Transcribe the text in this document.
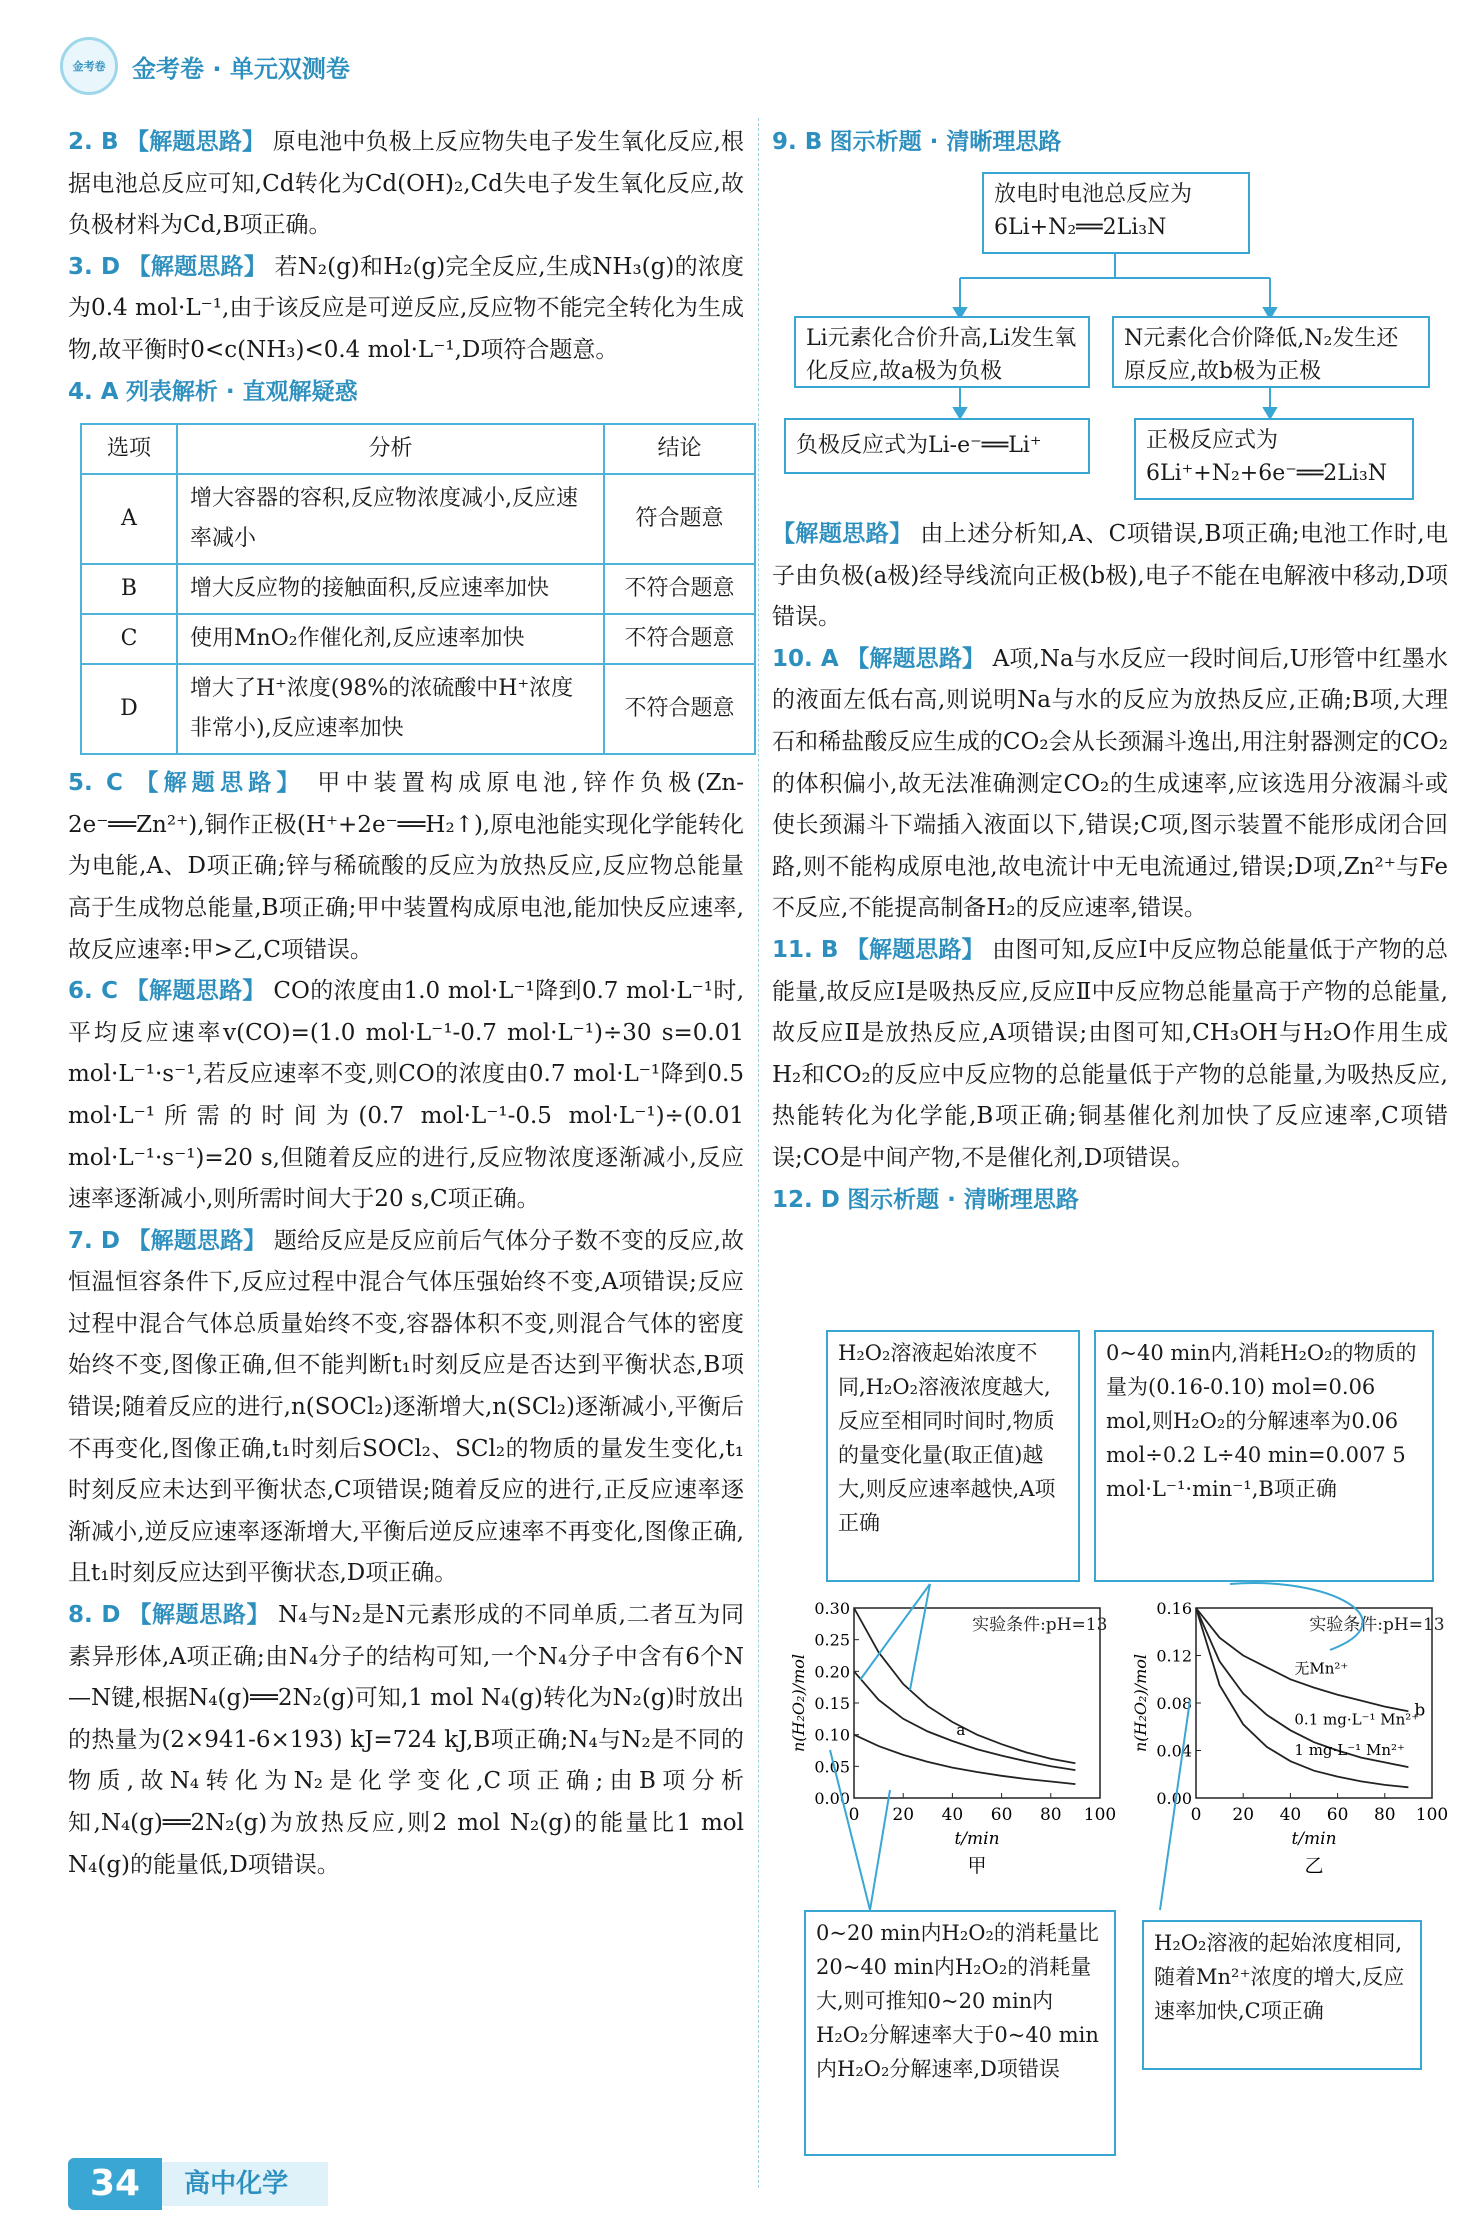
金考卷 金考卷 · 单元双测卷

2. B 【解题思路】 原电池中负极上反应物失电子发生氧化反应,根据电池总反应可知,Cd转化为Cd(OH)₂,Cd失电子发生氧化反应,故负极材料为Cd,B项正确。

3. D 【解题思路】 若N₂(g)和H₂(g)完全反应,生成NH₃(g)的浓度为0.4 mol·L⁻¹,由于该反应是可逆反应,反应物不能完全转化为生成物,故平衡时0<c(NH₃)<0.4 mol·L⁻¹,D项符合题意。

4. A 列表解析 · 直观解疑惑

选项	分析	结论
A	增大容器的容积,反应物浓度减小,反应速率减小	符合题意
B	增大反应物的接触面积,反应速率加快	不符合题意
C	使用MnO₂作催化剂,反应速率加快	不符合题意
D	增大了H⁺浓度(98%的浓硫酸中H⁺浓度非常小),反应速率加快	不符合题意

5. C 【解题思路】 甲中装置构成原电池,锌作负极(Zn-2e⁻══Zn²⁺),铜作正极(H⁺+2e⁻══H₂↑),原电池能实现化学能转化为电能,A、D项正确;锌与稀硫酸的反应为放热反应,反应物总能量高于生成物总能量,B项正确;甲中装置构成原电池,能加快反应速率,故反应速率:甲>乙,C项错误。

6. C 【解题思路】 CO的浓度由1.0 mol·L⁻¹降到0.7 mol·L⁻¹时,平均反应速率v(CO)=(1.0 mol·L⁻¹-0.7 mol·L⁻¹)÷30 s=0.01 mol·L⁻¹·s⁻¹,若反应速率不变,则CO的浓度由0.7 mol·L⁻¹降到0.5 mol·L⁻¹所需的时间为(0.7 mol·L⁻¹-0.5 mol·L⁻¹)÷(0.01 mol·L⁻¹·s⁻¹)=20 s,但随着反应的进行,反应物浓度逐渐减小,反应速率逐渐减小,则所需时间大于20 s,C项正确。

7. D 【解题思路】 题给反应是反应前后气体分子数不变的反应,故恒温恒容条件下,反应过程中混合气体压强始终不变,A项错误;反应过程中混合气体总质量始终不变,容器体积不变,则混合气体的密度始终不变,图像正确,但不能判断t₁时刻反应是否达到平衡状态,B项错误;随着反应的进行,n(SOCl₂)逐渐增大,n(SCl₂)逐渐减小,平衡后不再变化,图像正确,t₁时刻后SOCl₂、SCl₂的物质的量发生变化,t₁时刻反应未达到平衡状态,C项错误;随着反应的进行,正反应速率逐渐减小,逆反应速率逐渐增大,平衡后逆反应速率不再变化,图像正确,且t₁时刻反应达到平衡状态,D项正确。

8. D 【解题思路】 N₄与N₂是N元素形成的不同单质,二者互为同素异形体,A项正确;由N₄分子的结构可知,一个N₄分子中含有6个N—N键,根据N₄(g)══2N₂(g)可知,1 mol N₄(g)转化为N₂(g)时放出的热量为(2×941-6×193) kJ=724 kJ,B项正确;N₄与N₂是不同的物质,故N₄转化为N₂是化学变化,C项正确;由B项分析知,N₄(g)══2N₂(g)为放热反应,则2 mol N₂(g)的能量比1 mol N₄(g)的能量低,D项错误。

9. B 图示析题 · 清晰理思路

放电时电池总反应为6Li+N₂══2Li₃N
Li元素化合价升高,Li发生氧化反应,故a极为负极
N元素化合价降低,N₂发生还原反应,故b极为正极
负极反应式为Li-e⁻══Li⁺	正极反应式为6Li⁺+N₂+6e⁻══2Li₃N

【解题思路】 由上述分析知,A、C项错误,B项正确;电池工作时,电子由负极(a极)经导线流向正极(b极),电子不能在电解液中移动,D项错误。

10. A 【解题思路】 A项,Na与水反应一段时间后,U形管中红墨水的液面左低右高,则说明Na与水的反应为放热反应,正确;B项,大理石和稀盐酸反应生成的CO₂会从长颈漏斗逸出,用注射器测定的CO₂的体积偏小,故无法准确测定CO₂的生成速率,应该选用分液漏斗或使长颈漏斗下端插入液面以下,错误;C项,图示装置不能形成闭合回路,则不能构成原电池,故电流计中无电流通过,错误;D项,Zn²⁺与Fe不反应,不能提高制备H₂的反应速率,错误。

11. B 【解题思路】 由图可知,反应Ⅰ中反应物总能量低于产物的总能量,故反应Ⅰ是吸热反应,反应Ⅱ中反应物总能量高于产物的总能量,故反应Ⅱ是放热反应,A项错误;由图可知,CH₃OH与H₂O作用生成H₂和CO₂的反应中反应物的总能量低于产物的总能量,为吸热反应,热能转化为化学能,B项正确;铜基催化剂加快了反应速率,C项错误;CO是中间产物,不是催化剂,D项错误。

12. D 图示析题 · 清晰理思路

H₂O₂溶液起始浓度不同,H₂O₂溶液浓度越大,反应至相同时间时,物质的量变化量(取正值)越大,则反应速率越快,A项正确
0~40 min内,消耗H₂O₂的物质的量为(0.16-0.10) mol=0.06 mol,则H₂O₂的分解速率为0.06 mol÷0.2 L÷40 min=0.007 5 mol·L⁻¹·min⁻¹,B项正确
0~20 min内H₂O₂的消耗量比20~40 min内H₂O₂的消耗量大,则可推知0~20 min内H₂O₂分解速率大于0~40 min内H₂O₂分解速率,D项错误
H₂O₂溶液的起始浓度相同,随着Mn²⁺浓度的增大,反应速率加快,C项正确
0 20 40 60 80 100
0.00
0.05
0.10
0.15
0.20
0.25
0.30
实验条件:pH=13
t/min
甲
n(H₂O₂)/mol	a
0 20 40 60 80 100
0.00
0.04
0.08
0.12
0.16
实验条件:pH=13
t/min
乙
n(H₂O₂)/mol	无Mn²⁺
b
0.1 mg·L⁻¹ Mn²⁺
1 mg·L⁻¹ Mn²⁺
34	高中化学
